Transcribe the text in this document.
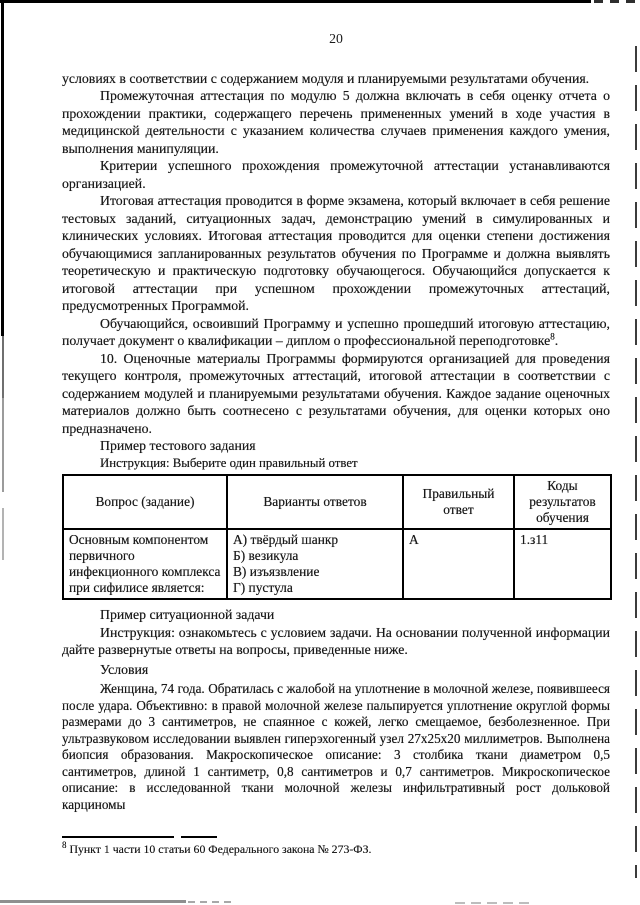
20

условиях в соответствии с содержанием модуля и планируемыми результатами обучения.

Промежуточная аттестация по модулю 5 должна включать в себя оценку отчета о прохождении практики, содержащего перечень примененных умений в ходе участия в медицинской деятельности с указанием количества случаев применения каждого умения, выполнения манипуляции.

Критерии успешного прохождения промежуточной аттестации устанавливаются организацией.

Итоговая аттестация проводится в форме экзамена, который включает в себя решение тестовых заданий, ситуационных задач, демонстрацию умений в симулированных и клинических условиях. Итоговая аттестация проводится для оценки степени достижения обучающимися запланированных результатов обучения по Программе и должна выявлять теоретическую и практическую подготовку обучающегося. Обучающийся допускается к итоговой аттестации при успешном прохождении промежуточных аттестаций, предусмотренных Программой.

Обучающийся, освоивший Программу и успешно прошедший итоговую аттестацию, получает документ о квалификации – диплом о профессиональной переподготовке$^8$.

10. Оценочные материалы Программы формируются организацией для проведения текущего контроля, промежуточных аттестаций, итоговой аттестации в соответствии с содержанием модулей и планируемыми результатами обучения. Каждое задание оценочных материалов должно быть соотнесено с результатами обучения, для оценки которых оно предназначено.

Пример тестового задания

Инструкция: Выберите один правильный ответ

Вопрос (задание)	Варианты ответов	Правильный ответ	Коды результатов обучения
Основным компонентом первичного инфекционного комплекса при сифилисе является:	А) твёрдый шанкр
Б) везикула
В) изъязвление
Г) пустула	А	1.з11

Пример ситуационной задачи

Инструкция: ознакомьтесь с условием задачи. На основании полученной информации дайте развернутые ответы на вопросы, приведенные ниже.

Условия

Женщина, 74 года. Обратилась с жалобой на уплотнение в молочной железе, появившееся после удара. Объективно: в правой молочной железе пальпируется уплотнение округлой формы размерами до 3 сантиметров, не спаянное с кожей, легко смещаемое, безболезненное. При ультразвуковом исследовании выявлен гиперэхогенный узел 27х25х20 миллиметров. Выполнена биопсия образования. Макроскопическое описание: 3 столбика ткани диаметром 0,5 сантиметров, длиной 1 сантиметр, 0,8 сантиметров и 0,7 сантиметров. Микроскопическое описание: в исследованной ткани молочной железы инфильтративный рост дольковой карциномы

$^8$ Пункт 1 части 10 статьи 60 Федерального закона № 273-ФЗ.
